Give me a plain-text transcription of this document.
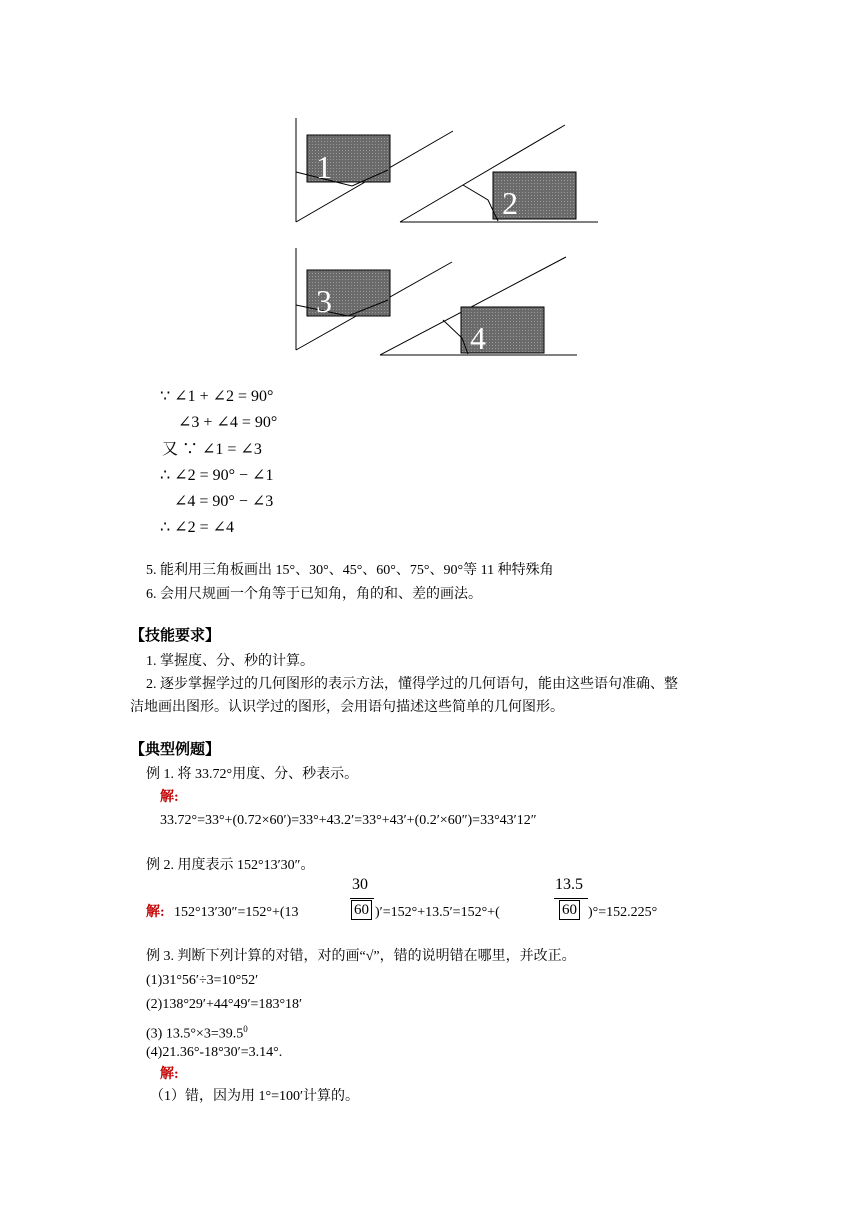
1
2
3
4
∵ ∠1 + ∠2 = 90°
∠3 + ∠4 = 90°
又 ∵ ∠1 = ∠3
∴ ∠2 = 90° − ∠1
∠4 = 90° − ∠3
∴ ∠2 = ∠4
5. 能利用三角板画出 15°、30°、45°、60°、75°、90°等 11 种特殊角
6. 会用尺规画一个角等于已知角，角的和、差的画法。
【技能要求】
1. 掌握度、分、秒的计算。
2. 逐步掌握学过的几何图形的表示方法，懂得学过的几何语句，能由这些语句准确、整
洁地画出图形。认识学过的图形，会用语句描述这些简单的几何图形。
【典型例题】
例 1. 将 33.72°用度、分、秒表示。
解:
33.72°=33°+(0.72×60′)=33°+43.2′=33°+43′+(0.2′×60″)=33°43′12″
例 2. 用度表示 152°13′30″。
30	13.5
解: 152°13′30″=152°+(13	60 )′=152°+13.5′=152°+(	60 )°=152.225°
例 3. 判断下列计算的对错，对的画“√”，错的说明错在哪里，并改正。
(1)31°56′÷3=10°52′
(2)138°29′+44°49′=183°18′
(3) $13.5^\circ\times 3=39.5^0$
(4)21.36°-18°30′=3.14°.
解:
（1）错，因为用 1°=100′计算的。
